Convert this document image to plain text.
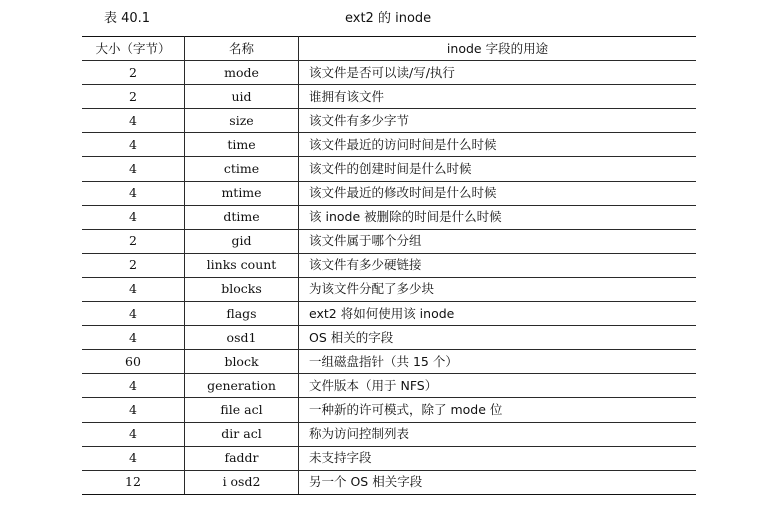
表 40.1	ext2 的 inode
大小（字节）	名称	inode 字段的用途
2	mode	该文件是否可以读/写/执行
2	uid	谁拥有该文件
4	size	该文件有多少字节
4	time	该文件最近的访问时间是什么时候
4	ctime	该文件的创建时间是什么时候
4	mtime	该文件最近的修改时间是什么时候
4	dtime	该 inode 被删除的时间是什么时候
2	gid	该文件属于哪个分组
2	links count	该文件有多少硬链接
4	blocks	为该文件分配了多少块
4	flags	ext2 将如何使用该 inode
4	osd1	OS 相关的字段
60	block	一组磁盘指针（共 15 个）
4	generation	文件版本（用于 NFS）
4	file acl	一种新的许可模式，除了 mode 位
4	dir acl	称为访问控制列表
4	faddr	未支持字段
12	i osd2	另一个 OS 相关字段
